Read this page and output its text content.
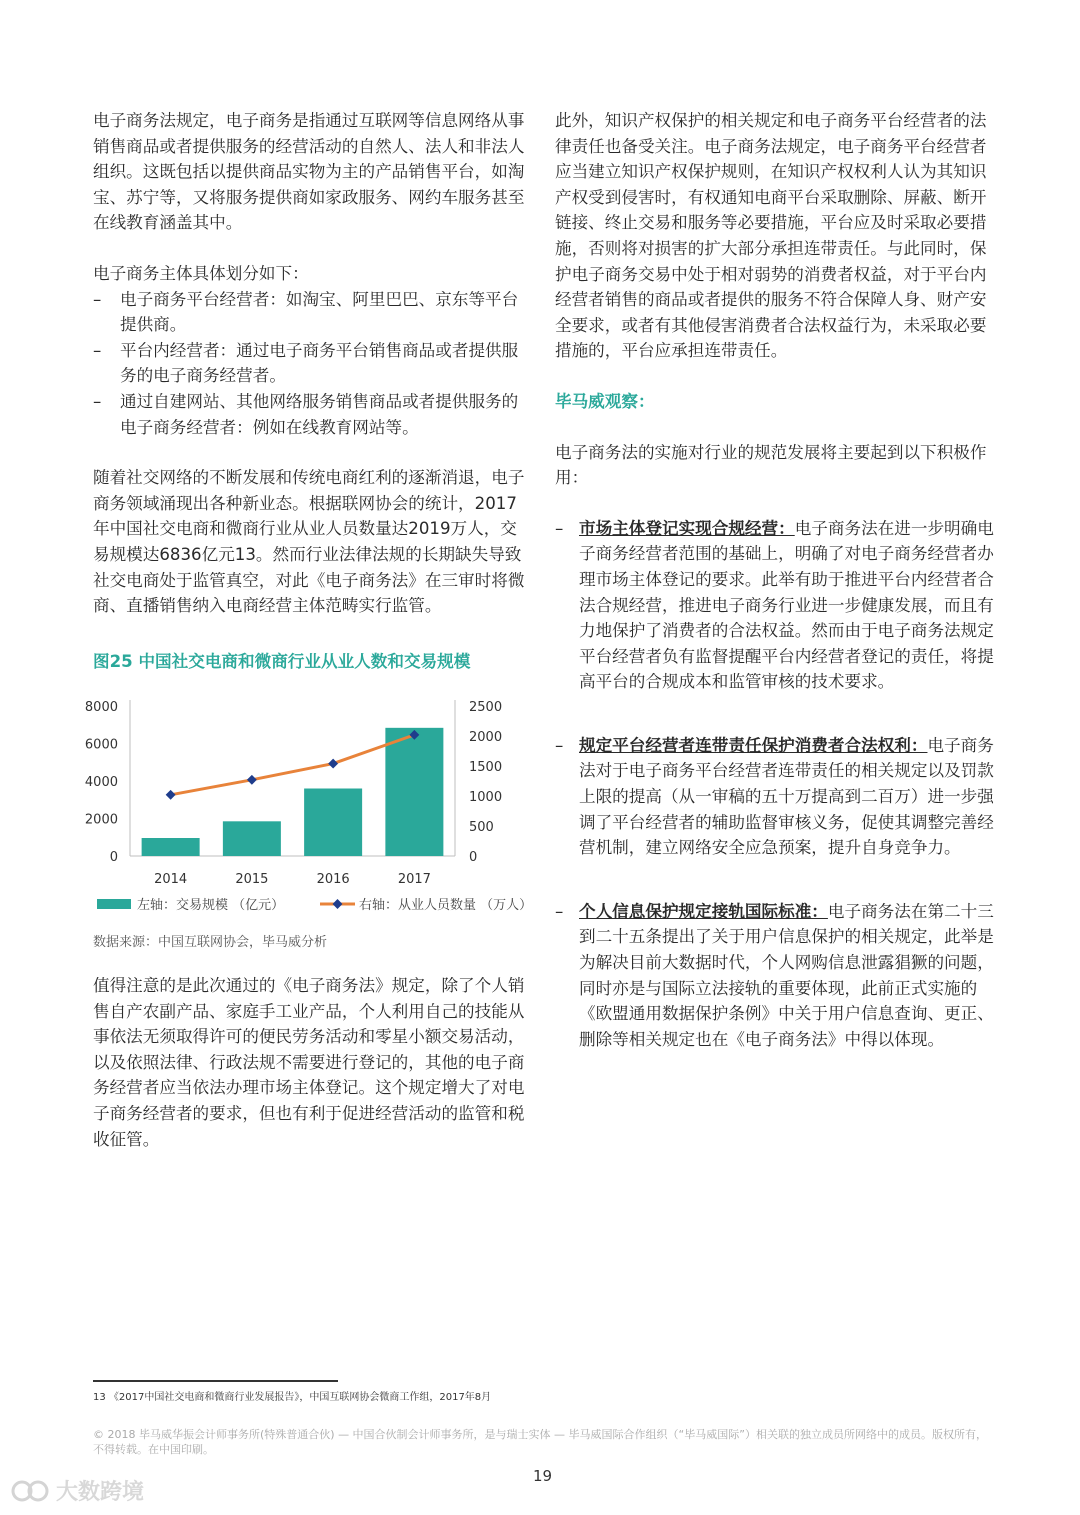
电子商务法规定，电子商务是指通过互联网等信息网络从事销售商品或者提供服务的经营活动的自然人、法人和非法人组织。这既包括以提供商品实物为主的产品销售平台，如淘宝、苏宁等，又将服务提供商如家政服务、网约车服务甚至在线教育涵盖其中。

电子商务主体具体划分如下：

– 电子商务平台经营者：如淘宝、阿里巴巴、京东等平台提供商。
– 平台内经营者：通过电子商务平台销售商品或者提供服务的电子商务经营者。
– 通过自建网站、其他网络服务销售商品或者提供服务的电子商务经营者：例如在线教育网站等。

随着社交网络的不断发展和传统电商红利的逐渐消退，电子商务领域涌现出各种新业态。根据联网协会的统计，2017年中国社交电商和微商行业从业人员数量达2019万人，交易规模达6836亿元13。然而行业法律法规的长期缺失导致社交电商处于监管真空，对此《电子商务法》在三审时将微商、直播销售纳入电商经营主体范畴实行监管。

图25 中国社交电商和微商行业从业人数和交易规模
0
2000
4000
6000
8000
0
500
1000
1500
2000
2500
2014	2015	2016	2017
左轴：交易规模 （亿元）	右轴：从业人员数量 （万人）
数据来源：中国互联网协会，毕马威分析
值得注意的是此次通过的《电子商务法》规定，除了个人销售自产农副产品、家庭手工业产品，个人利用自己的技能从事依法无须取得许可的便民劳务活动和零星小额交易活动，以及依照法律、行政法规不需要进行登记的，其他的电子商务经营者应当依法办理市场主体登记。这个规定增大了对电子商务经营者的要求，但也有利于促进经营活动的监管和税收征管。

此外，知识产权保护的相关规定和电子商务平台经营者的法律责任也备受关注。电子商务法规定，电子商务平台经营者应当建立知识产权保护规则，在知识产权权利人认为其知识产权受到侵害时，有权通知电商平台采取删除、屏蔽、断开链接、终止交易和服务等必要措施，平台应及时采取必要措施，否则将对损害的扩大部分承担连带责任。与此同时，保护电子商务交易中处于相对弱势的消费者权益，对于平台内经营者销售的商品或者提供的服务不符合保障人身、财产安全要求，或者有其他侵害消费者合法权益行为，未采取必要措施的，平台应承担连带责任。

毕马威观察：

电子商务法的实施对行业的规范发展将主要起到以下积极作用：

– 市场主体登记实现合规经营：电子商务法在进一步明确电子商务经营者范围的基础上，明确了对电子商务经营者办理市场主体登记的要求。此举有助于推进平台内经营者合法合规经营，推进电子商务行业进一步健康发展，而且有力地保护了消费者的合法权益。然而由于电子商务法规定平台经营者负有监督提醒平台内经营者登记的责任，将提高平台的合规成本和监管审核的技术要求。
– 规定平台经营者连带责任保护消费者合法权利：电子商务法对于电子商务平台经营者连带责任的相关规定以及罚款上限的提高（从一审稿的五十万提高到二百万）进一步强调了平台经营者的辅助监督审核义务，促使其调整完善经营机制，建立网络安全应急预案，提升自身竞争力。
– 个人信息保护规定接轨国际标准：电子商务法在第二十三到二十五条提出了关于用户信息保护的相关规定，此举是为解决目前大数据时代，个人网购信息泄露猖獗的问题，同时亦是与国际立法接轨的重要体现，此前正式实施的《欧盟通用数据保护条例》中关于用户信息查询、更正、删除等相关规定也在《电子商务法》中得以体现。
13 《2017中国社交电商和微商行业发展报告》，中国互联网协会微商工作组，2017年8月
© 2018 毕马威华振会计师事务所(特殊普通合伙) — 中国合伙制会计师事务所，是与瑞士实体 — 毕马威国际合作组织（“毕马威国际”）相关联的独立成员所网络中的成员。版权所有，不得转载。在中国印刷。
19
大数跨境
